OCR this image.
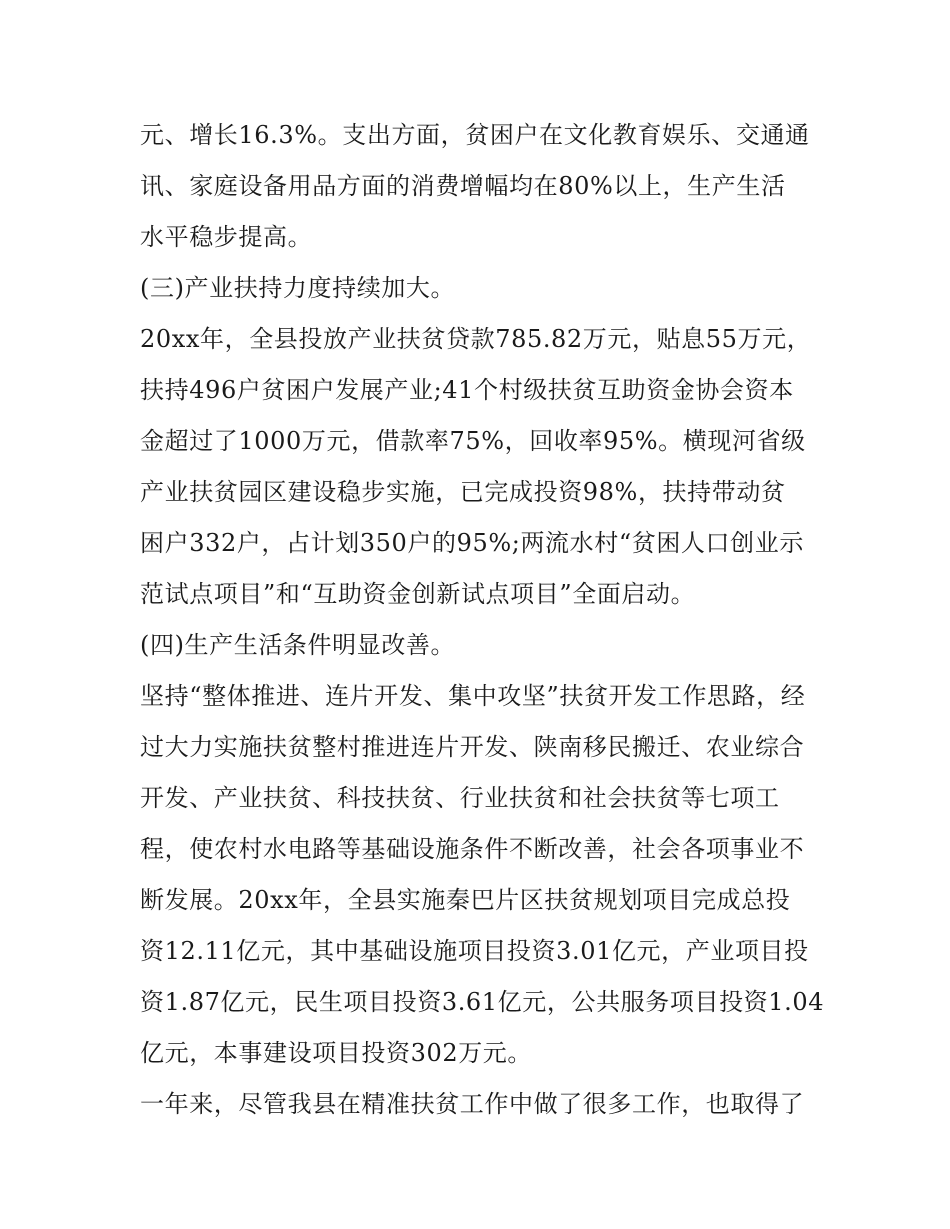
元、增长16.3%。支出方面，贫困户在文化教育娱乐、交通通
讯、家庭设备用品方面的消费增幅均在80%以上，生产生活
水平稳步提高。
(三)产业扶持力度持续加大。
20xx年，全县投放产业扶贫贷款785.82万元，贴息55万元，
扶持496户贫困户发展产业;41个村级扶贫互助资金协会资本
金超过了1000万元，借款率75%，回收率95%。横现河省级
产业扶贫园区建设稳步实施，已完成投资98%，扶持带动贫
困户332户，占计划350户的95%;两流水村“贫困人口创业示
范试点项目”和“互助资金创新试点项目”全面启动。
(四)生产生活条件明显改善。
坚持“整体推进、连片开发、集中攻坚”扶贫开发工作思路，经
过大力实施扶贫整村推进连片开发、陕南移民搬迁、农业综合
开发、产业扶贫、科技扶贫、行业扶贫和社会扶贫等七项工
程，使农村水电路等基础设施条件不断改善，社会各项事业不
断发展。20xx年，全县实施秦巴片区扶贫规划项目完成总投
资12.11亿元，其中基础设施项目投资3.01亿元，产业项目投
资1.87亿元，民生项目投资3.61亿元，公共服务项目投资1.04
亿元，本事建设项目投资302万元。
一年来，尽管我县在精准扶贫工作中做了很多工作，也取得了
